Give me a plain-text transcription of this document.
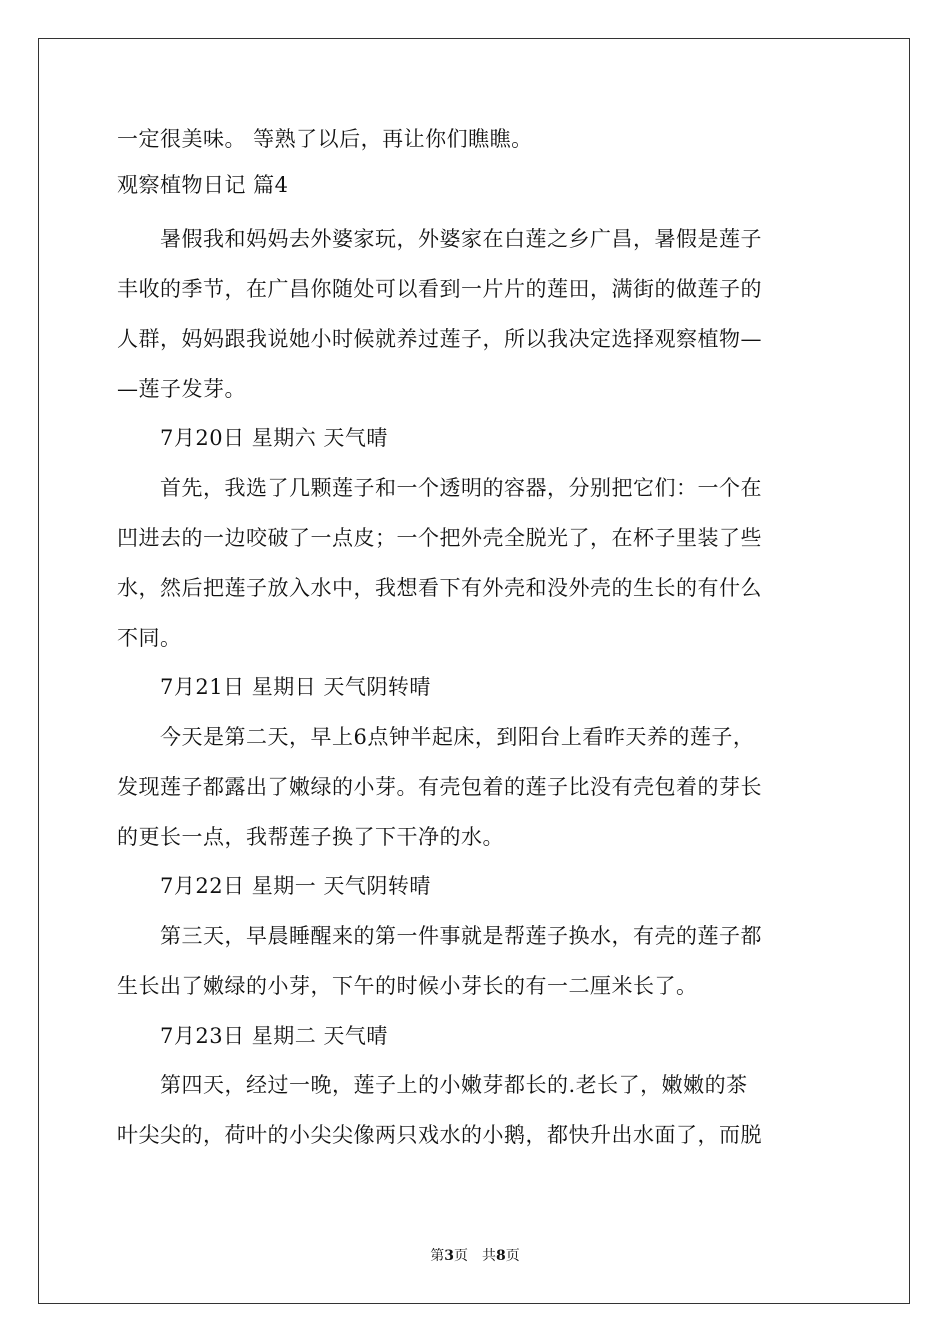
一定很美味。 等熟了以后，再让你们瞧瞧。
观察植物日记 篇4
　　暑假我和妈妈去外婆家玩，外婆家在白莲之乡广昌，暑假是莲子
丰收的季节，在广昌你随处可以看到一片片的莲田，满街的做莲子的
人群，妈妈跟我说她小时候就养过莲子，所以我决定选择观察植物—
—莲子发芽。
　　7月20日 星期六 天气晴
　　首先，我选了几颗莲子和一个透明的容器，分别把它们：一个在
凹进去的一边咬破了一点皮；一个把外壳全脱光了，在杯子里装了些
水，然后把莲子放入水中，我想看下有外壳和没外壳的生长的有什么
不同。
　　7月21日 星期日 天气阴转晴
　　今天是第二天，早上6点钟半起床，到阳台上看昨天养的莲子，
发现莲子都露出了嫩绿的小芽。有壳包着的莲子比没有壳包着的芽长
的更长一点，我帮莲子换了下干净的水。
　　7月22日 星期一 天气阴转晴
　　第三天，早晨睡醒来的第一件事就是帮莲子换水，有壳的莲子都
生长出了嫩绿的小芽，下午的时候小芽长的有一二厘米长了。
　　7月23日 星期二 天气晴
　　第四天，经过一晚，莲子上的小嫩芽都长的.老长了，嫩嫩的茶
叶尖尖的，荷叶的小尖尖像两只戏水的小鹅，都快升出水面了，而脱
第3页　共8页
